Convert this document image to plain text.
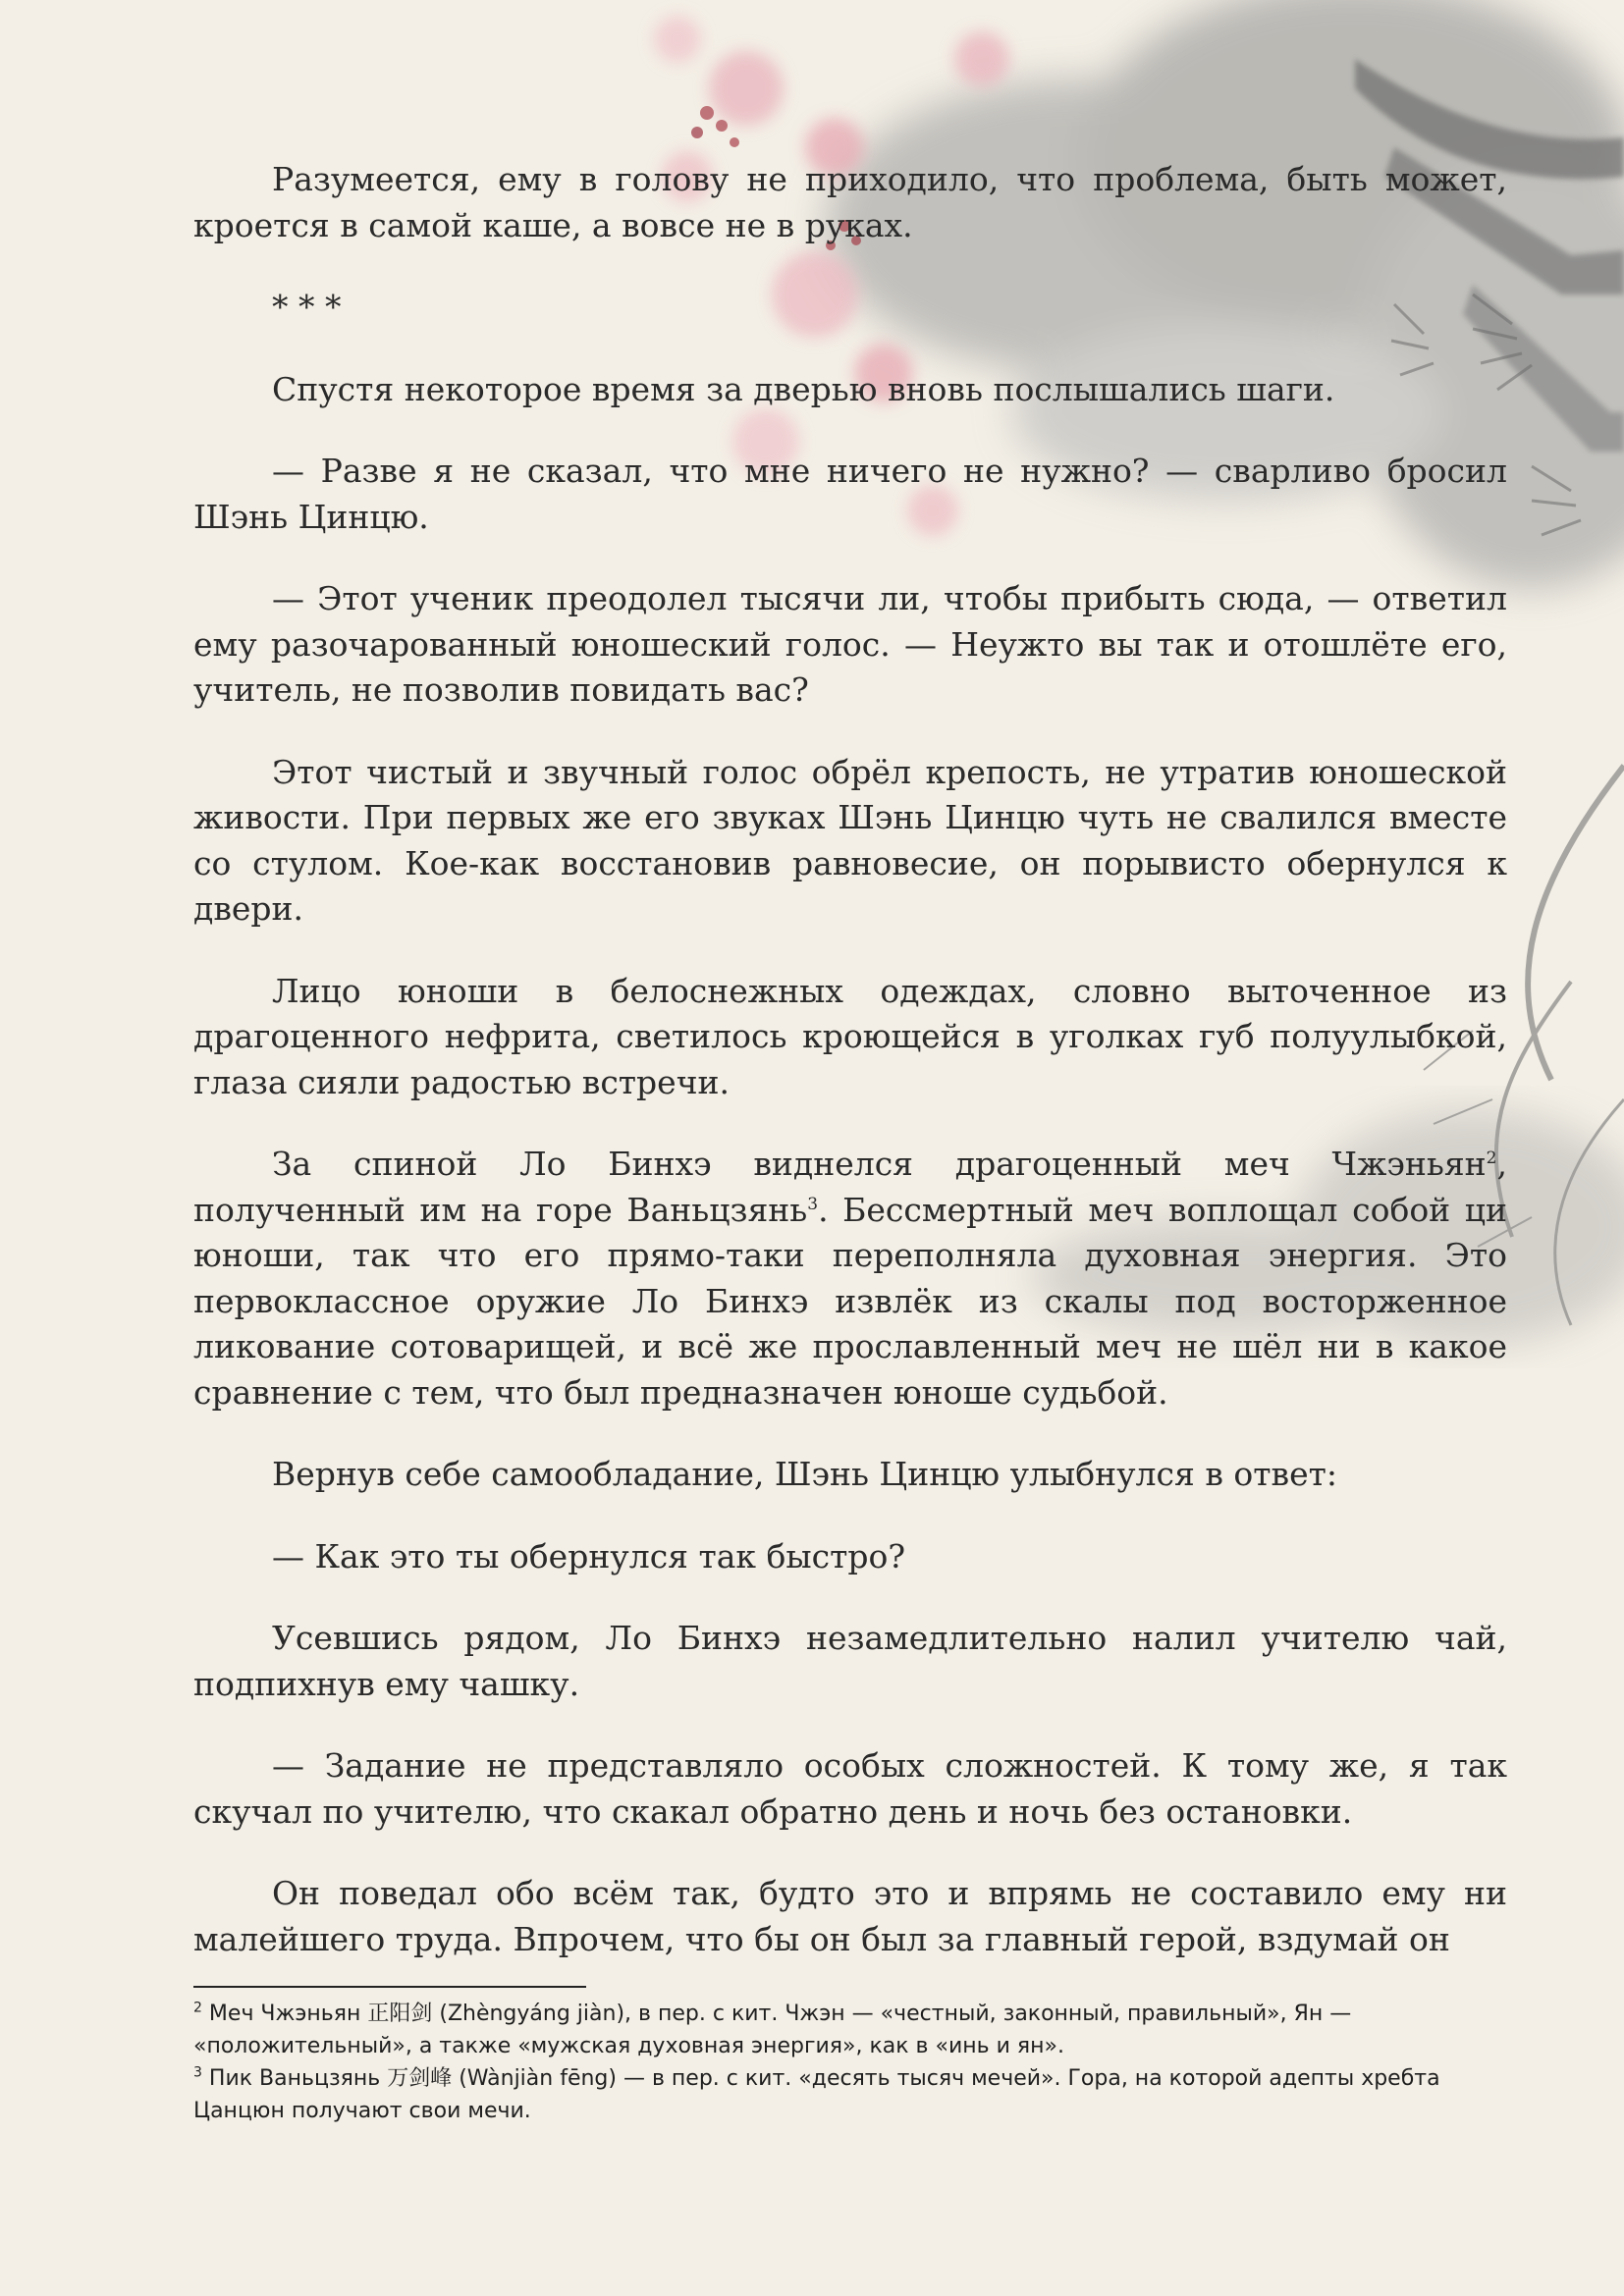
Разумеется, ему в голову не приходило, что проблема, быть может, кроется в самой каше, а вовсе не в руках.

* * *

Спустя некоторое время за дверью вновь послышались шаги.

— Разве я не сказал, что мне ничего не нужно? — сварливо бросил Шэнь Цинцю.

— Этот ученик преодолел тысячи ли, чтобы прибыть сюда, — ответил ему разочарованный юношеский голос. — Неужто вы так и отошлёте его, учитель, не позволив повидать вас?

Этот чистый и звучный голос обрёл крепость, не утратив юношеской живости. При первых же его звуках Шэнь Цинцю чуть не свалился вместе со стулом. Кое-как восстановив равновесие, он порывисто обернулся к двери.

Лицо юноши в белоснежных одеждах, словно выточенное из драгоценного нефрита, светилось кроющейся в уголках губ полуулыбкой, глаза сияли радостью встречи.

За спиной Ло Бинхэ виднелся драгоценный меч Чжэньян$^2$, полученный им на горе Ваньцзянь$^3$. Бессмертный меч воплощал собой ци юноши, так что его прямо-таки переполняла духовная энергия. Это первоклассное оружие Ло Бинхэ извлёк из скалы под восторженное ликование сотоварищей, и всё же прославленный меч не шёл ни в какое сравнение с тем, что был предназначен юноше судьбой.

Вернув себе самообладание, Шэнь Цинцю улыбнулся в ответ:

— Как это ты обернулся так быстро?

Усевшись рядом, Ло Бинхэ незамедлительно налил учителю чай, подпихнув ему чашку.

— Задание не представляло особых сложностей. К тому же, я так скучал по учителю, что скакал обратно день и ночь без остановки.

Он поведал обо всём так, будто это и впрямь не составило ему ни малейшего труда. Впрочем, что бы он был за главный герой, вздумай он

$^2$ Меч Чжэньян 正阳剑 (Zhèngyáng jiàn), в пер. с кит. Чжэн — «честный, законный, правильный», Ян — «положительный», а также «мужская духовная энергия», как в «инь и ян».

$^3$ Пик Ваньцзянь 万剑峰 (Wànjiàn fēng) — в пер. с кит. «десять тысяч мечей». Гора, на которой адепты хребта Цанцюн получают свои мечи.
